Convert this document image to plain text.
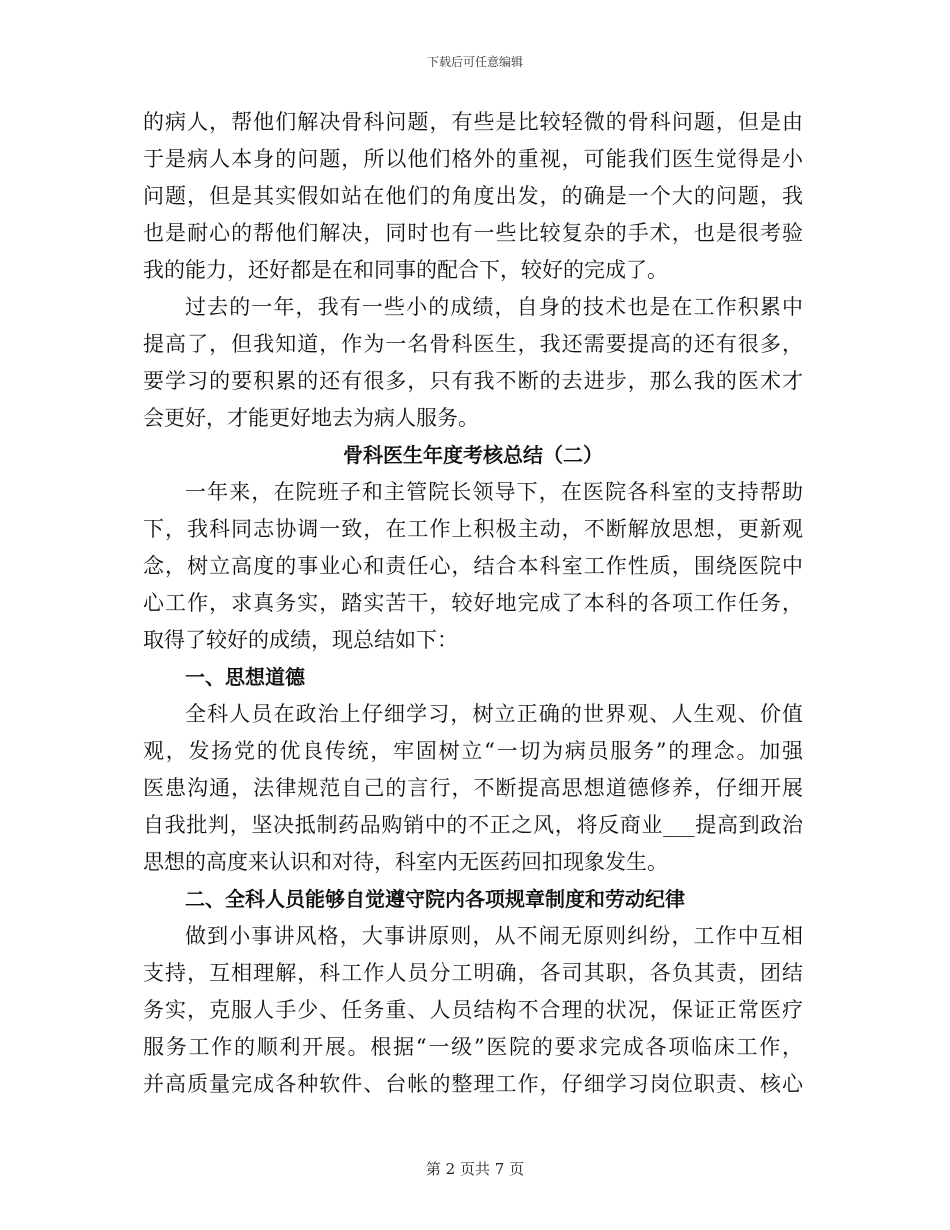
下载后可任意编辑
的病人，帮他们解决骨科问题，有些是比较轻微的骨科问题，但是由
于是病人本身的问题，所以他们格外的重视，可能我们医生觉得是小
问题，但是其实假如站在他们的角度出发，的确是一个大的问题，我
也是耐心的帮他们解决，同时也有一些比较复杂的手术，也是很考验
我的能力，还好都是在和同事的配合下，较好的完成了。
过去的一年，我有一些小的成绩，自身的技术也是在工作积累中
提高了，但我知道，作为一名骨科医生，我还需要提高的还有很多，
要学习的要积累的还有很多，只有我不断的去进步，那么我的医术才
会更好，才能更好地去为病人服务。
骨科医生年度考核总结（二）
一年来，在院班子和主管院长领导下，在医院各科室的支持帮助
下，我科同志协调一致，在工作上积极主动，不断解放思想，更新观
念，树立高度的事业心和责任心，结合本科室工作性质，围绕医院中
心工作，求真务实，踏实苦干，较好地完成了本科的各项工作任务，
取得了较好的成绩，现总结如下：
一、思想道德
全科人员在政治上仔细学习，树立正确的世界观、人生观、价值
观，发扬党的优良传统，牢固树立“一切为病员服务”的理念。加强
医患沟通，法律规范自己的言行，不断提高思想道德修养，仔细开展
自我批判，坚决抵制药品购销中的不正之风，将反商业___提高到政治
思想的高度来认识和对待，科室内无医药回扣现象发生。
二、全科人员能够自觉遵守院内各项规章制度和劳动纪律
做到小事讲风格，大事讲原则，从不闹无原则纠纷，工作中互相
支持，互相理解，科工作人员分工明确，各司其职，各负其责，团结
务实，克服人手少、任务重、人员结构不合理的状况，保证正常医疗
服务工作的顺利开展。根据“一级”医院的要求完成各项临床工作，
并高质量完成各种软件、台帐的整理工作，仔细学习岗位职责、核心
第 2 页共 7 页
